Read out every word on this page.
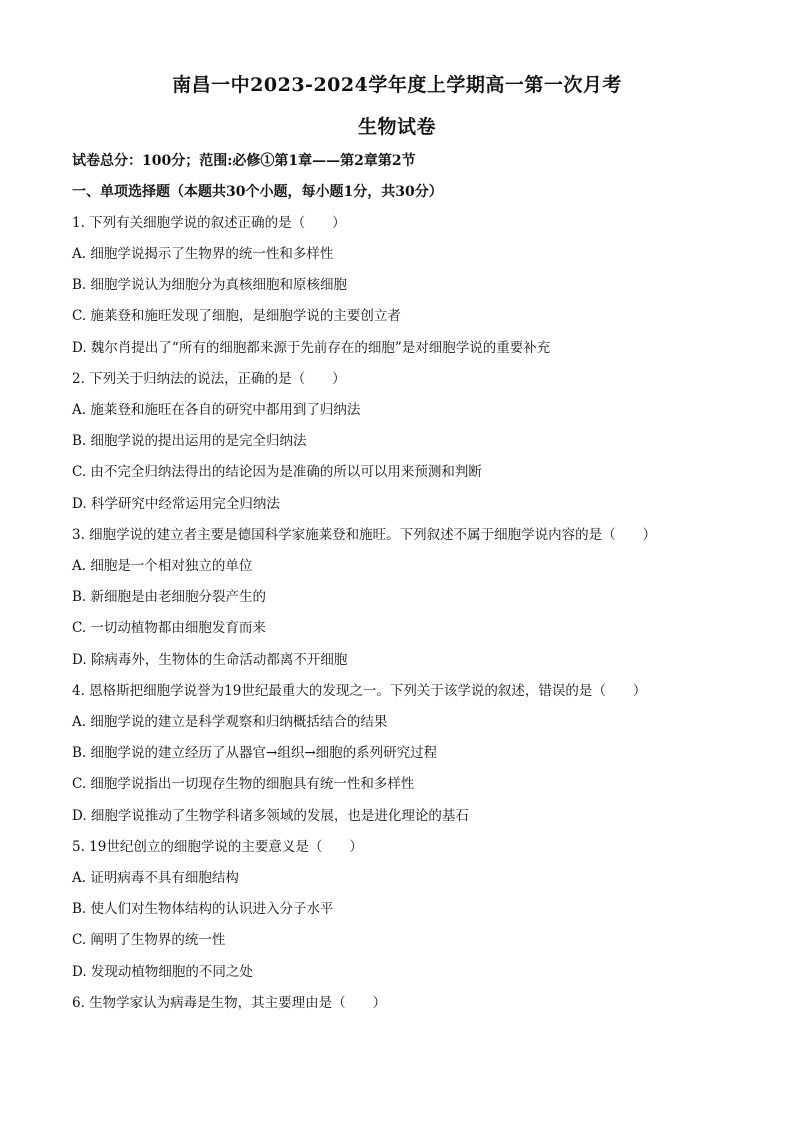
南昌一中2023-2024学年度上学期高一第一次月考
生物试卷
试卷总分：100分；范围:必修①第1章——第2章第2节
一、单项选择题（本题共30个小题，每小题1分，共30分）
1. 下列有关细胞学说的叙述正确的是（　　）
A. 细胞学说揭示了生物界的统一性和多样性
B. 细胞学说认为细胞分为真核细胞和原核细胞
C. 施莱登和施旺发现了细胞，是细胞学说的主要创立者
D. 魏尔肖提出了“所有的细胞都来源于先前存在的细胞”是对细胞学说的重要补充
2. 下列关于归纳法的说法，正确的是（　　）
A. 施莱登和施旺在各自的研究中都用到了归纳法
B. 细胞学说的提出运用的是完全归纳法
C. 由不完全归纳法得出的结论因为是准确的所以可以用来预测和判断
D. 科学研究中经常运用完全归纳法
3. 细胞学说的建立者主要是德国科学家施莱登和施旺。下列叙述不属于细胞学说内容的是（　　）
A. 细胞是一个相对独立的单位
B. 新细胞是由老细胞分裂产生的
C. 一切动植物都由细胞发育而来
D. 除病毒外，生物体的生命活动都离不开细胞
4. 恩格斯把细胞学说誉为19世纪最重大的发现之一。下列关于该学说的叙述，错误的是（　　）
A. 细胞学说的建立是科学观察和归纳概括结合的结果
B. 细胞学说的建立经历了从器官→组织→细胞的系列研究过程
C. 细胞学说指出一切现存生物的细胞具有统一性和多样性
D. 细胞学说推动了生物学科诸多领域的发展，也是进化理论的基石
5. 19世纪创立的细胞学说的主要意义是（　　）
A. 证明病毒不具有细胞结构
B. 使人们对生物体结构的认识进入分子水平
C. 阐明了生物界的统一性
D. 发现动植物细胞的不同之处
6. 生物学家认为病毒是生物，其主要理由是（　　）
